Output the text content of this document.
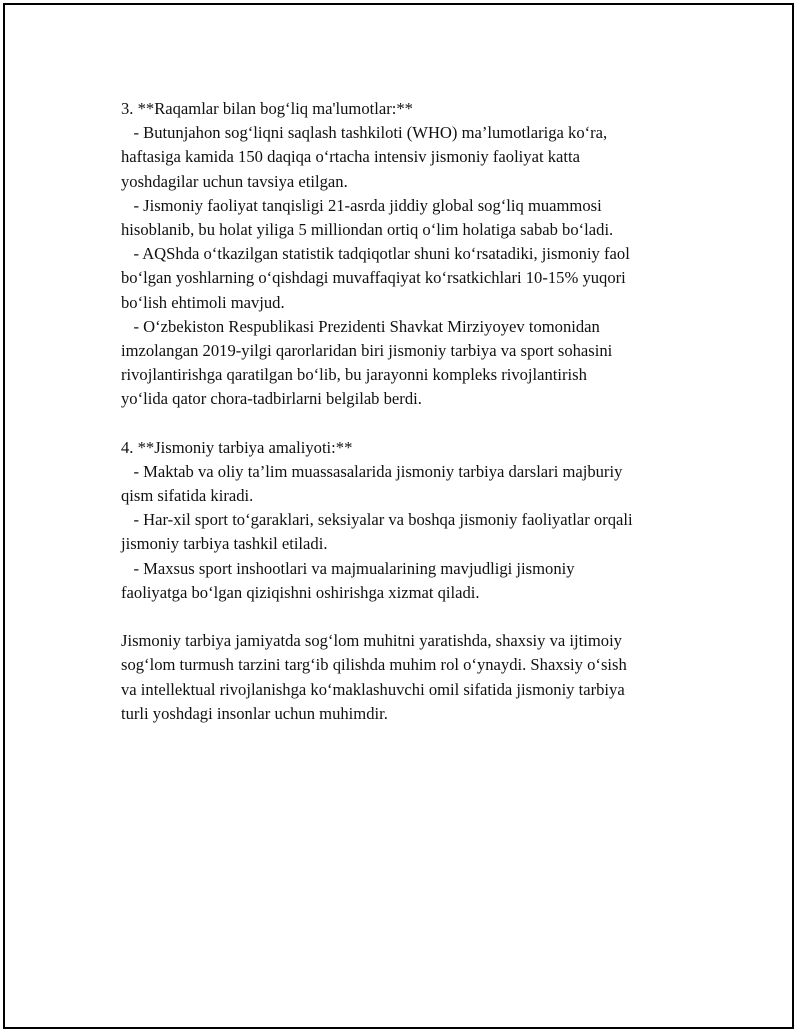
3. **Raqamlar bilan bog‘liq ma'lumotlar:**

- Butunjahon sog‘liqni saqlash tashkiloti (WHO) ma’lumotlariga ko‘ra,

haftasiga kamida 150 daqiqa o‘rtacha intensiv jismoniy faoliyat katta

yoshdagilar uchun tavsiya etilgan.

- Jismoniy faoliyat tanqisligi 21-asrda jiddiy global sog‘liq muammosi

hisoblanib, bu holat yiliga 5 milliondan ortiq o‘lim holatiga sabab bo‘ladi.

- AQShda o‘tkazilgan statistik tadqiqotlar shuni ko‘rsatadiki, jismoniy faol

bo‘lgan yoshlarning o‘qishdagi muvaffaqiyat ko‘rsatkichlari 10-15% yuqori

bo‘lish ehtimoli mavjud.

- O‘zbekiston Respublikasi Prezidenti Shavkat Mirziyoyev tomonidan

imzolangan 2019-yilgi qarorlaridan biri jismoniy tarbiya va sport sohasini

rivojlantirishga qaratilgan bo‘lib, bu jarayonni kompleks rivojlantirish

yo‘lida qator chora-tadbirlarni belgilab berdi.

4. **Jismoniy tarbiya amaliyoti:**

- Maktab va oliy ta’lim muassasalarida jismoniy tarbiya darslari majburiy

qism sifatida kiradi.

- Har-xil sport to‘garaklari, seksiyalar va boshqa jismoniy faoliyatlar orqali

jismoniy tarbiya tashkil etiladi.

- Maxsus sport inshootlari va majmualarining mavjudligi jismoniy

faoliyatga bo‘lgan qiziqishni oshirishga xizmat qiladi.

Jismoniy tarbiya jamiyatda sog‘lom muhitni yaratishda, shaxsiy va ijtimoiy

sog‘lom turmush tarzini targ‘ib qilishda muhim rol o‘ynaydi. Shaxsiy o‘sish

va intellektual rivojlanishga ko‘maklashuvchi omil sifatida jismoniy tarbiya

turli yoshdagi insonlar uchun muhimdir.
